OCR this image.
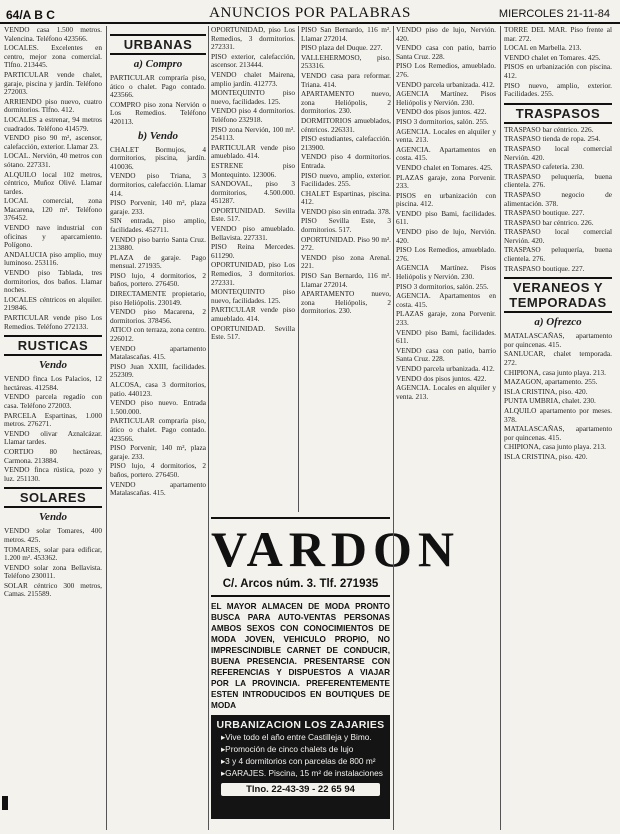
64/A B C	ANUNCIOS POR PALABRAS	MIERCOLES 21-11-84

VENDO casa 1.500 metros. Valencina. Teléfono 423566.

LOCALES. Excelentes en centro, mejor zona comercial. Tlfno. 213445.

PARTICULAR vende chalet, garaje, piscina y jardín. Teléfono 272003.

ARRIENDO piso nuevo, cuatro dormitorios. Tlfno. 412.

LOCALES a estrenar, 94 metros cuadrados. Teléfono 414579.

VENDO piso 90 m², ascensor, calefacción, exterior. Llamar 23.

LOCAL. Nervión, 40 metros con sótano. 227331.

ALQUILO local 102 metros, céntrico, Muñoz Olivé. Llamar tardes.

LOCAL comercial, zona Macarena, 120 m². Teléfono 376452.

VENDO nave industrial con oficinas y aparcamiento. Polígono.

ANDALUCIA piso amplio, muy luminoso. 253116.

VENDO piso Tablada, tres dormitorios, dos baños. Llamar noches.

LOCALES céntricos en alquiler. 219846.

PARTICULAR vende piso Los Remedios. Teléfono 272133.

RUSTICAS
Vendo

VENDO finca Los Palacios, 12 hectáreas. 412584.

VENDO parcela regadío con casa. Teléfono 272003.

PARCELA Espartinas, 1.000 metros. 276271.

VENDO olivar Aznalcázar. Llamar tardes.

CORTIJO 80 hectáreas, Carmona. 213884.

VENDO finca rústica, pozo y luz. 251130.

SOLARES
Vendo

VENDO solar Tomares, 400 metros. 425.

TOMARES, solar para edificar, 1.200 m². 453362.

VENDO solar zona Bellavista. Teléfono 230011.

SOLAR céntrico 300 metros, Camas. 215589.

URBANAS
a) Compro

PARTICULAR compraría piso, ático o chalet. Pago contado. 423566.

COMPRO piso zona Nervión o Los Remedios. Teléfono 420113.

b) Vendo

CHALET Bormujos, 4 dormitorios, piscina, jardín. 410036.

VENDO piso Triana, 3 dormitorios, calefacción. Llamar 414.

PISO Porvenir, 140 m², plaza garaje. 233.

SIN entrada, piso amplio, facilidades. 452711.

VENDO piso barrio Santa Cruz. 213880.

PLAZA de garaje. Pago mensual. 271935.

PISO lujo, 4 dormitorios, 2 baños, portero. 276450.

DIRECTAMENTE propietario, piso Heliópolis. 230149.

VENDO piso Macarena, 2 dormitorios. 378456.

ATICO con terraza, zona centro. 226012.

VENDO apartamento Matalascañas. 415.

PISO Juan XXIII, facilidades. 252309.

ALCOSA, casa 3 dormitorios, patio. 440123.

VENDO piso nuevo. Entrada 1.500.000.

PARTICULAR compraría piso, ático o chalet. Pago contado. 423566.

PISO Porvenir, 140 m², plaza garaje. 233.

PISO lujo, 4 dormitorios, 2 baños, portero. 276450.

VENDO apartamento Matalascañas. 415.

OPORTUNIDAD, piso Los Remedios, 3 dormitorios. 272331.

PISO exterior, calefacción, ascensor. 213444.

VENDO chalet Mairena, amplio jardín. 412773.

MONTEQUINTO piso nuevo, facilidades. 125.

VENDO piso 4 dormitorios. Teléfono 232918.

PISO zona Nervión, 100 m². 254113.

PARTICULAR vende piso amueblado. 414.

ESTRENE piso Montequinto. 123006.

SANDOVAL, piso 3 dormitorios, 4.500.000. 451287.

OPORTUNIDAD. Sevilla Este. 517.

VENDO piso amueblado. Bellavista. 227331.

PISO Reina Mercedes. 611290.

OPORTUNIDAD, piso Los Remedios, 3 dormitorios. 272331.

MONTEQUINTO piso nuevo, facilidades. 125.

PARTICULAR vende piso amueblado. 414.

OPORTUNIDAD. Sevilla Este. 517.

PISO San Bernardo, 116 m². Llamar 272014.

PISO plaza del Duque. 227.

VALLEHERMOSO, piso. 253316.

VENDO casa para reformar. Triana. 414.

APARTAMENTO nuevo, zona Heliópolis, 2 dormitorios. 230.

DORMITORIOS amueblados, céntricos. 226331.

PISO estudiantes, calefacción. 213900.

VENDO piso 4 dormitorios. Entrada.

PISO nuevo, amplio, exterior. Facilidades. 255.

CHALET Espartinas, piscina. 412.

VENDO piso sin entrada. 378.

PISO Sevilla Este, 3 dormitorios. 517.

OPORTUNIDAD. Piso 90 m². 272.

VENDO piso zona Arenal. 221.

PISO San Bernardo, 116 m². Llamar 272014.

APARTAMENTO nuevo, zona Heliópolis, 2 dormitorios. 230.

VARDON
C/. Arcos núm. 3. Tlf. 271935
EL MAYOR ALMACEN DE MODA PRONTO BUSCA PARA AUTO-VENTAS PERSONAS AMBOS SEXOS CON CONOCIMIENTOS DE MODA JOVEN, VEHICULO PROPIO, NO IMPRESCINDIBLE CARNET DE CONDUCIR, BUENA PRESENCIA. PRESENTARSE CON REFERENCIAS Y DISPUESTOS A VIAJAR POR LA PROVINCIA. PREFERENTEMENTE ESTEN INTRODUCIDOS EN BOUTIQUES DE MODA
URBANIZACION LOS ZAJARIES
▸ Vive todo el año entre Castilleja y Bimo.
▸ Promoción de cinco chalets de lujo
▸ 3 y 4 dormitorios con parcelas de 800 m²
▸ GARAJES. Piscina, 15 m² de instalaciones
Tlno. 22-43-39 - 22 65 94

VENDO piso de lujo, Nervión. 420.

VENDO casa con patio, barrio Santa Cruz. 228.

PISO Los Remedios, amueblado. 276.

VENDO parcela urbanizada. 412.

AGENCIA Martínez. Pisos Heliópolis y Nervión. 230.

VENDO dos pisos juntos. 422.

PISO 3 dormitorios, salón. 255.

AGENCIA. Locales en alquiler y venta. 213.

AGENCIA. Apartamentos en costa. 415.

VENDO chalet en Tomares. 425.

PLAZAS garaje, zona Porvenir. 233.

PISOS en urbanización con piscina. 412.

VENDO piso Bami, facilidades. 611.

VENDO piso de lujo, Nervión. 420.

PISO Los Remedios, amueblado. 276.

AGENCIA Martínez. Pisos Heliópolis y Nervión. 230.

PISO 3 dormitorios, salón. 255.

AGENCIA. Apartamentos en costa. 415.

PLAZAS garaje, zona Porvenir. 233.

VENDO piso Bami, facilidades. 611.

VENDO casa con patio, barrio Santa Cruz. 228.

VENDO parcela urbanizada. 412.

VENDO dos pisos juntos. 422.

AGENCIA. Locales en alquiler y venta. 213.

TORRE DEL MAR. Piso frente al mar. 272.

LOCAL en Marbella. 213.

VENDO chalet en Tomares. 425.

PISOS en urbanización con piscina. 412.

PISO nuevo, amplio, exterior. Facilidades. 255.

TRASPASOS

TRASPASO bar céntrico. 226.

TRASPASO tienda de ropa. 254.

TRASPASO local comercial Nervión. 420.

TRASPASO cafetería. 230.

TRASPASO peluquería, buena clientela. 276.

TRASPASO negocio de alimentación. 378.

TRASPASO boutique. 227.

TRASPASO bar céntrico. 226.

TRASPASO local comercial Nervión. 420.

TRASPASO peluquería, buena clientela. 276.

TRASPASO boutique. 227.

VERANEOS Y TEMPORADAS
a) Ofrezco

MATALASCAÑAS, apartamento por quincenas. 415.

SANLUCAR, chalet temporada. 272.

CHIPIONA, casa junto playa. 213.

MAZAGON, apartamento. 255.

ISLA CRISTINA, piso. 420.

PUNTA UMBRIA, chalet. 230.

ALQUILO apartamento por meses. 378.

MATALASCAÑAS, apartamento por quincenas. 415.

CHIPIONA, casa junto playa. 213.

ISLA CRISTINA, piso. 420.
